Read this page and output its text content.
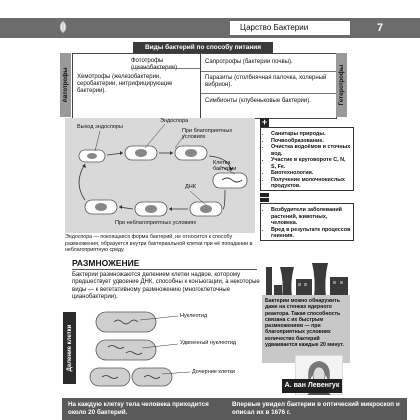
Царство Бактерии	7
Виды бактерий по способу питания
Автотрофы
Фототрофы (цианобактерии).
Хемотрофы (железобактерии, серобактерии, нитрифицирующие бактерии).
Сапротрофы (бактерии почвы).
Паразиты (столбнячная палочка, холерный вибрион).
Симбионты (клубеньковые бактерии).	Гетеротрофы
Выход эндоспоры
Эндоспора
При благоприятных условиях
Клетка бактерии
ДНК
При неблагоприятных условиях
Эндоспора — покоящаяся форма бактерий, не относится к способу размножения, образуется внутри бактериальной клетки при её попадании в неблагоприятную среду.
+
• Санитары природы.
• Почвообразование.
• Очистка водоёмов и сточных вод.
• Участие в круговороте C, N, S, Fe.
• Биотехнологии.
• Получение молочнокислых продуктов.
—
• Возбудители заболеваний растений, животных, человека.
• Вред в результате процессов гниения.
РАЗМНОЖЕНИЕ
Бактерии размножаются делением клетки надвое, которому предшествует удвоение ДНК, способны к конъюгации, а некоторые виды — к вегетативному размножению (многоклеточные цианобактерии).
Деление клетки
Нуклеотид
Удвоенный нуклеотид
Дочерние клетки
Бактерии можно обнаружить даже на стенках ядерного реактора. Такая способность связана с их быстрым размножением — при благоприятных условиях количество бактерий удваивается каждые 20 минут.
А. ван Левенгук
На каждую клетку тела человека приходится около 20 бактерий.
Впервые увидел бактерии в оптический микроскоп и описал их в 1676 г.
